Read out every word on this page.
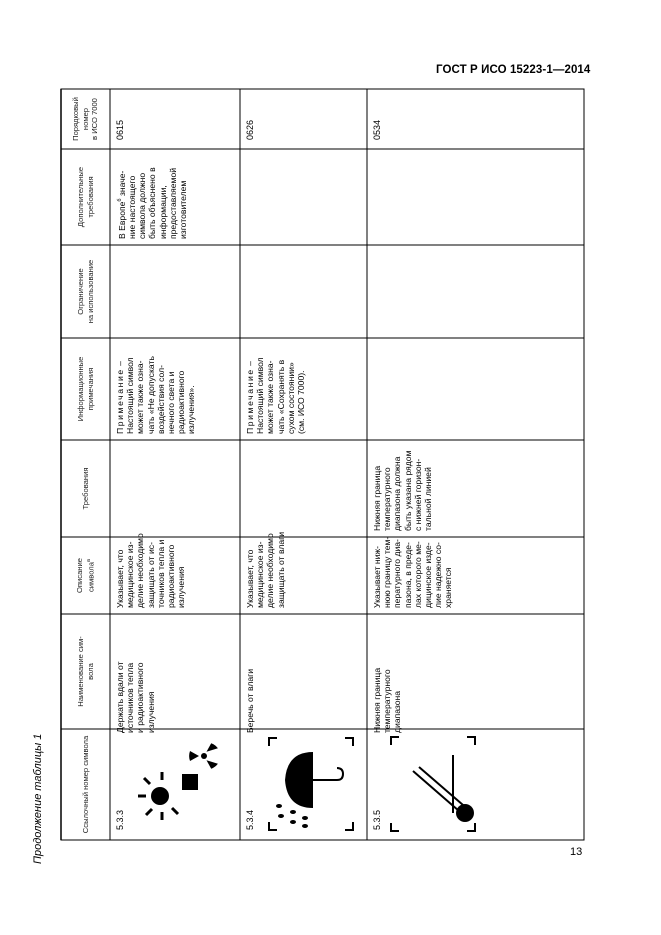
ГОСТ Р ИСО 15223-1—2014
Ссылочный номер символа
Наименование сим-
вола
Описание
символа$^a$
Требования
Информационные
примечания
Ограничение
на использование
Дополнительные
требования
Порядковый
номер
в ИСО 7000
5.3.3
Держать вдали от
источников тепла
и радиоактивного
излучения
Указывает, что
медицинское из-
делие необходимо
защищать от ис-
точников тепла и
радиоактивного
излучения
Примечание –
Настоящий символ
может также озна-
чать «Не допускать
воздействия сол-
нечного света и
радиоактивного
излучения».
В Европе$^б$ значе-
ние настоящего
символа должно
быть объяснено в
информации,
предоставляемой
изготовителем
0615
5.3.4
Беречь от влаги
Указывает, что
медицинское из-
делие необходимо
защищать от влаги
Примечание –
Настоящий символ
может также озна-
чать «Сохранять в
сухом состоянии»
(см. ИСО 7000).
0626
5.3.5
Нижняя граница
температурного
диапазона
Указывает ниж-
нюю границу тем-
пературного диа-
пазона, в преде-
лах которого ме-
дицинское изде-
лие надежно со-
храняется
Нижняя граница
температурного
диапазона должна
быть указана рядом
с нижней горизон-
тальной линией
0534
Продолжение таблицы 1	13
